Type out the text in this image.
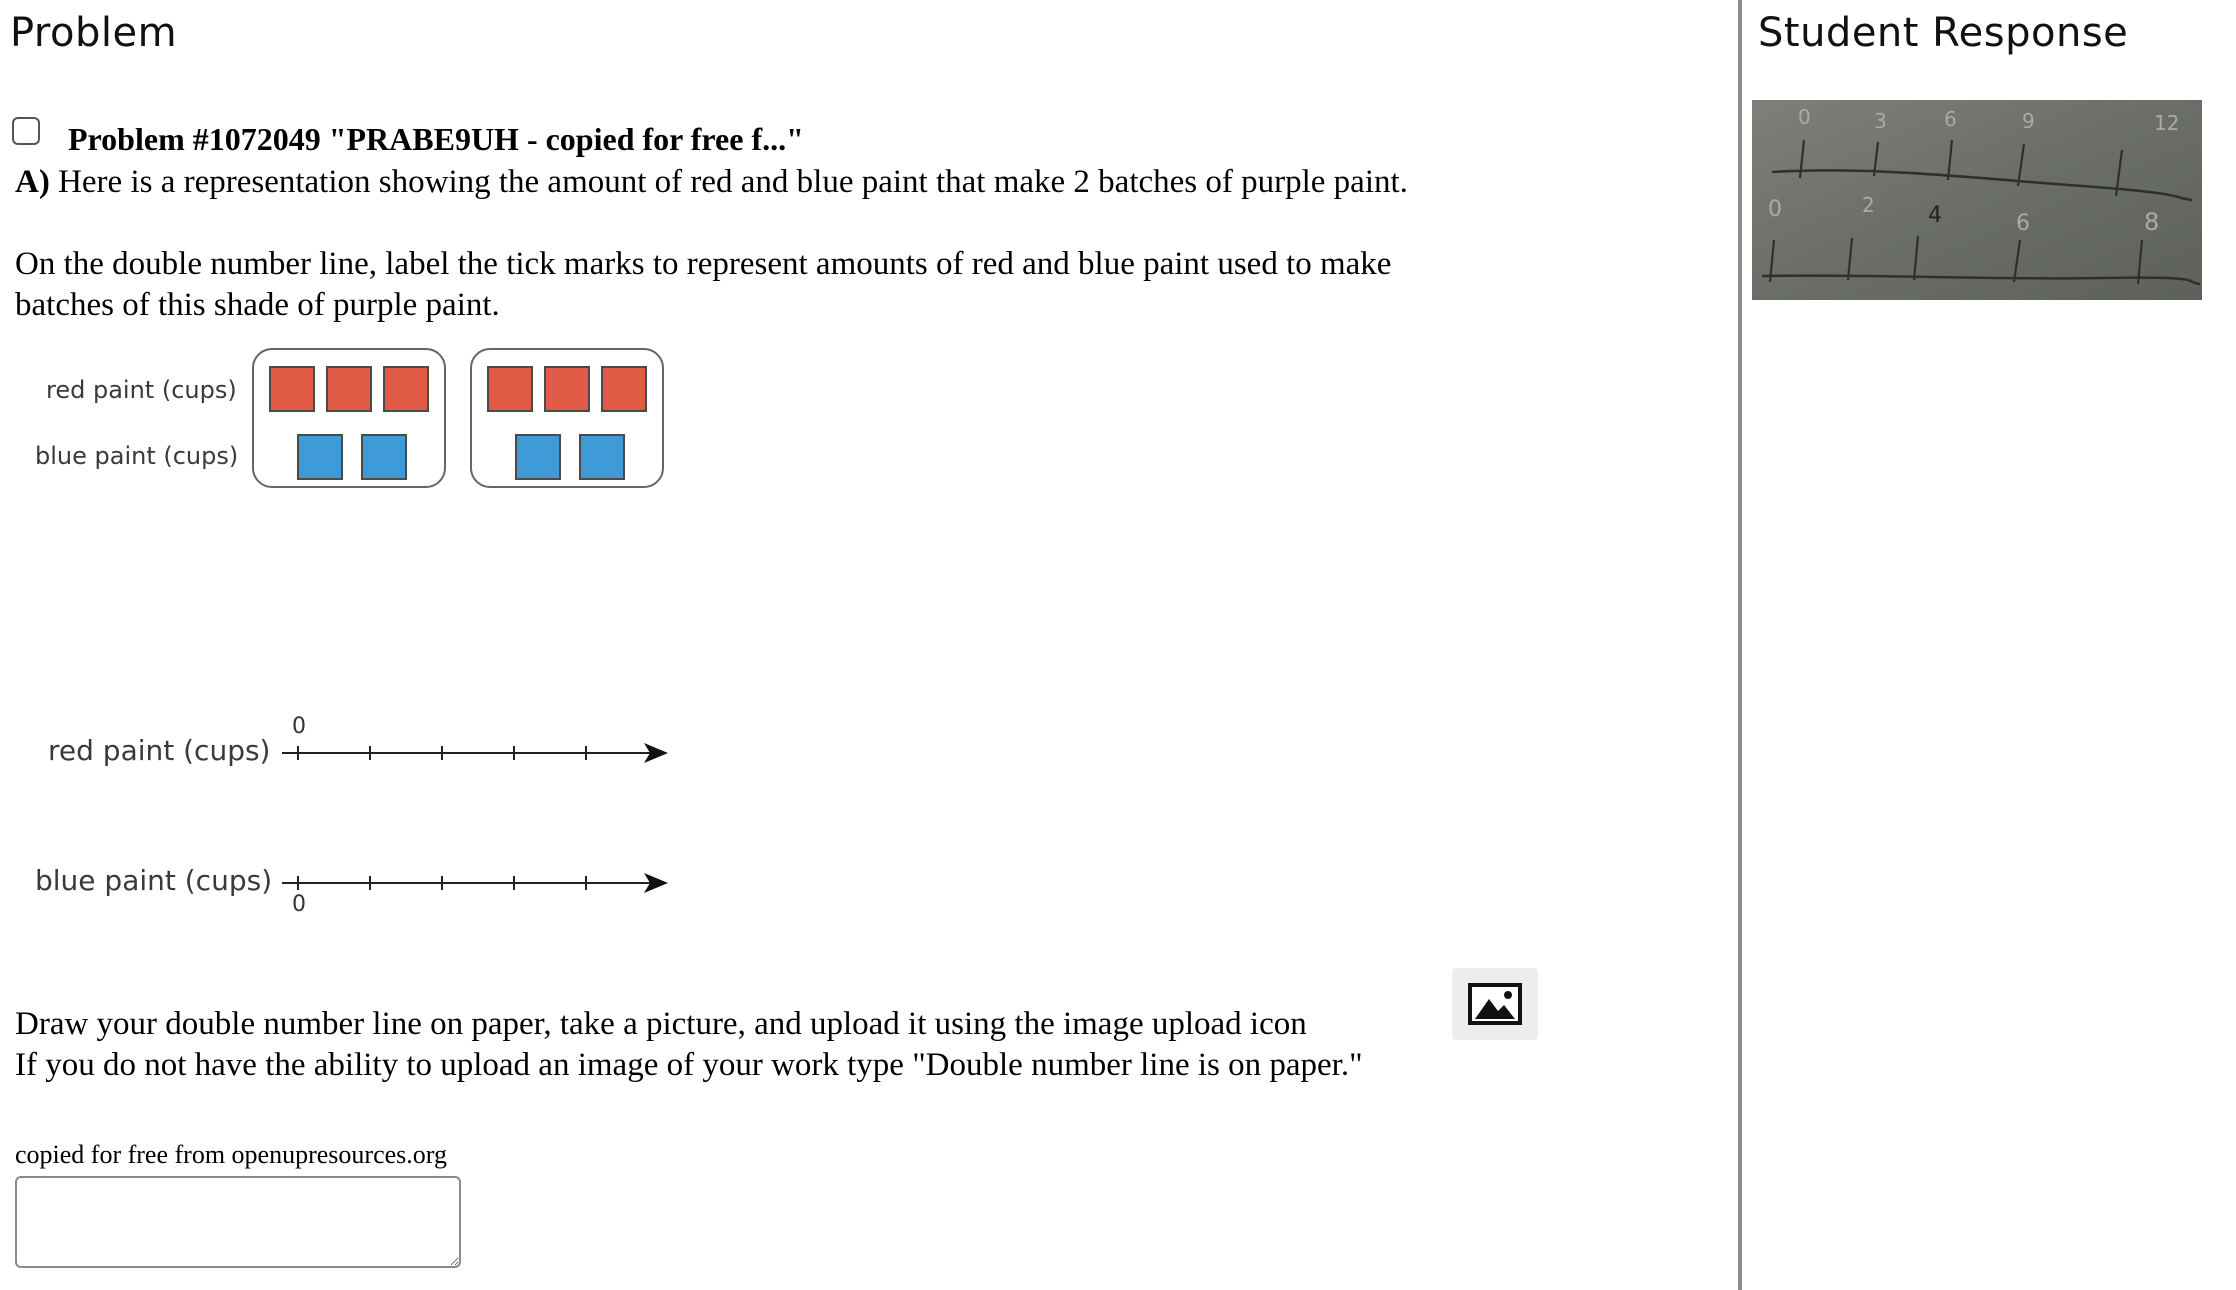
Problem
Problem #1072049 "PRABE9UH - copied for free f..."
A) Here is a representation showing the amount of red and blue paint that make 2 batches of purple paint.
On the double number line, label the tick marks to represent amounts of red and blue paint used to make
batches of this shade of purple paint.
red paint (cups)
blue paint (cups)
red paint (cups)
0
blue paint (cups)
0
Draw your double number line on paper, take a picture, and upload it using the image upload icon
If you do not have the ability to upload an image of your work type "Double number line is on paper."
copied for free from openupresources.org
Student Response
0	3	6	9	12
0	2 4	6	8
